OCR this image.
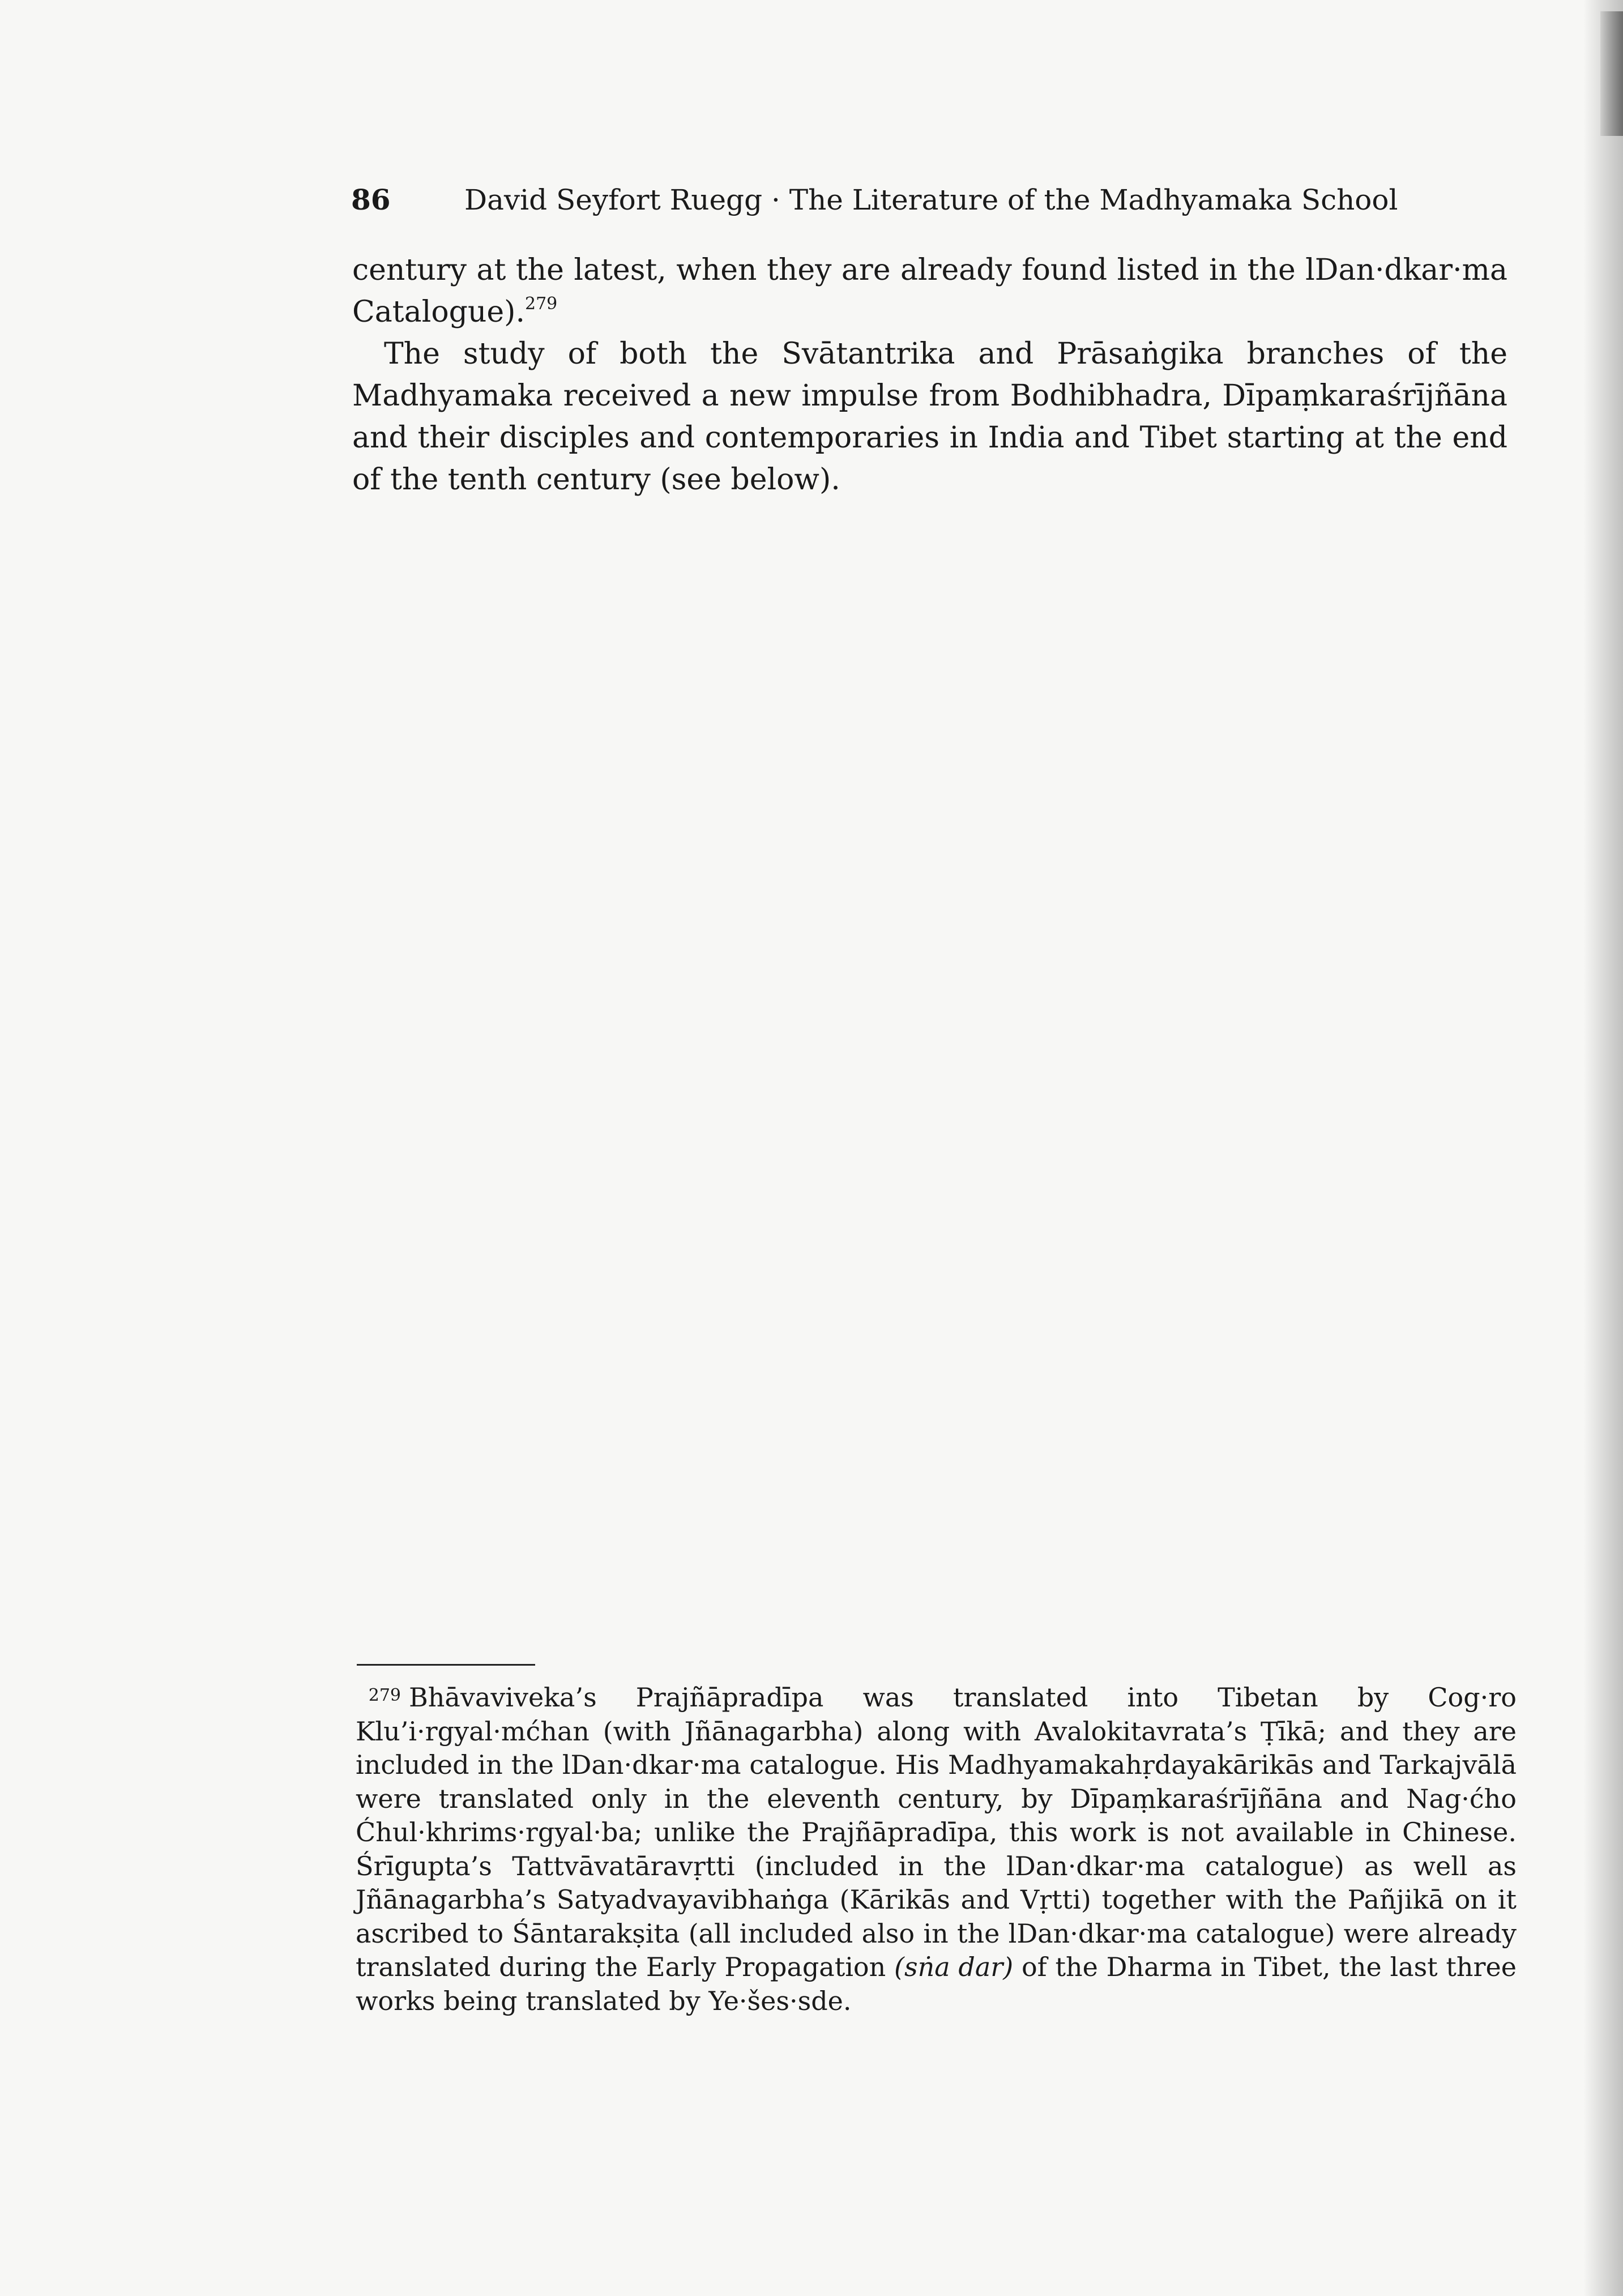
86	David Seyfort Ruegg · The Literature of the Madhyamaka School

century at the latest, when they are already found listed in the lDan·dkar·ma Catalogue).$^{279}$

The study of both the Svātantrika and Prāsaṅgika branches of the Madhyamaka received a new impulse from Bodhibhadra, Dīpaṃkaraśrījñāna and their disciples and contemporaries in India and Tibet starting at the end of the tenth century (see below).

279 Bhāvaviveka’s Prajñāpradīpa was translated into Tibetan by Cog·ro Klu’i·rgyal·mćhan (with Jñānagarbha) along with Avalokitavrata’s Ṭīkā; and they are included in the lDan·dkar·ma catalogue. His Madhyamakahṛdayakārikās and Tarkajvālā were translated only in the eleventh century, by Dīpaṃkaraśrījñāna and Nag·ćho Ćhul·khrims·rgyal·ba; unlike the Prajñāpradīpa, this work is not available in Chinese. Śrīgupta’s Tattvāvatāravṛtti (included in the lDan·dkar·ma catalogue) as well as Jñānagarbha’s Satyadvayavibhaṅga (Kārikās and Vṛtti) together with the Pañjikā on it ascribed to Śāntarakṣita (all included also in the lDan·dkar·ma catalogue) were already translated during the Early Propagation (sṅa dar) of the Dharma in Tibet, the last three works being translated by Ye·šes·sde.
